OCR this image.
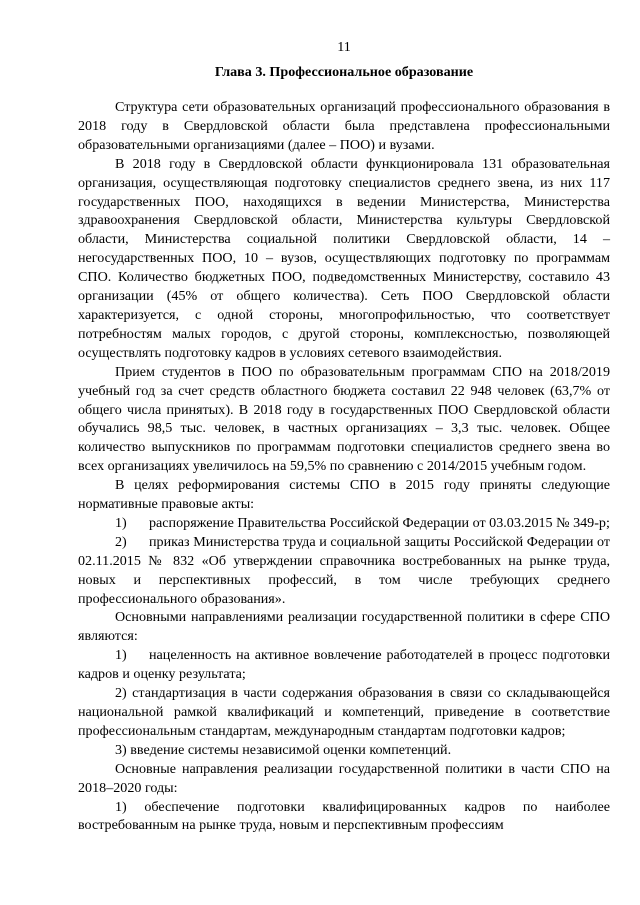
11
Глава 3. Профессиональное образование

Структура сети образовательных организаций профессионального образования в 2018 году в Свердловской области была представлена профессиональными образовательными организациями (далее – ПОО) и вузами.

В 2018 году в Свердловской области функционировала 131 образовательная организация, осуществляющая подготовку специалистов среднего звена, из них 117 государственных ПОО, находящихся в ведении Министерства, Министерства здравоохранения Свердловской области, Министерства культуры Свердловской области, Министерства социальной политики Свердловской области, 14 – негосударственных ПОО, 10 – вузов, осуществляющих подготовку по программам СПО. Количество бюджетных ПОО, подведомственных Министерству, составило 43 организации (45% от общего количества). Сеть ПОО Свердловской области характеризуется, с одной стороны, многопрофильностью, что соответствует потребностям малых городов, с другой стороны, комплексностью, позволяющей осуществлять подготовку кадров в условиях сетевого взаимодействия.

Прием студентов в ПОО по образовательным программам СПО на 2018/2019 учебный год за счет средств областного бюджета составил 22 948 человек (63,7% от общего числа принятых). В 2018 году в государственных ПОО Свердловской области обучались 98,5 тыс. человек, в частных организациях – 3,3 тыс. человек. Общее количество выпускников по программам подготовки специалистов среднего звена во всех организациях увеличилось на 59,5% по сравнению с 2014/2015 учебным годом.

В целях реформирования системы СПО в 2015 году приняты следующие нормативные правовые акты:

1) распоряжение Правительства Российской Федерации от 03.03.2015 № 349-р;

2) приказ Министерства труда и социальной защиты Российской Федерации от 02.11.2015 № 832 «Об утверждении справочника востребованных на рынке труда, новых и перспективных профессий, в том числе требующих среднего профессионального образования».

Основными направлениями реализации государственной политики в сфере СПО являются:

1) нацеленность на активное вовлечение работодателей в процесс подготовки кадров и оценку результата;

2) стандартизация в части содержания образования в связи со складывающейся национальной рамкой квалификаций и компетенций, приведение в соответствие профессиональным стандартам, международным стандартам подготовки кадров;

3) введение системы независимой оценки компетенций.

Основные направления реализации государственной политики в части СПО на 2018–2020 годы:

1) обеспечение подготовки квалифицированных кадров по наиболее востребованным на рынке труда, новым и перспективным профессиям
